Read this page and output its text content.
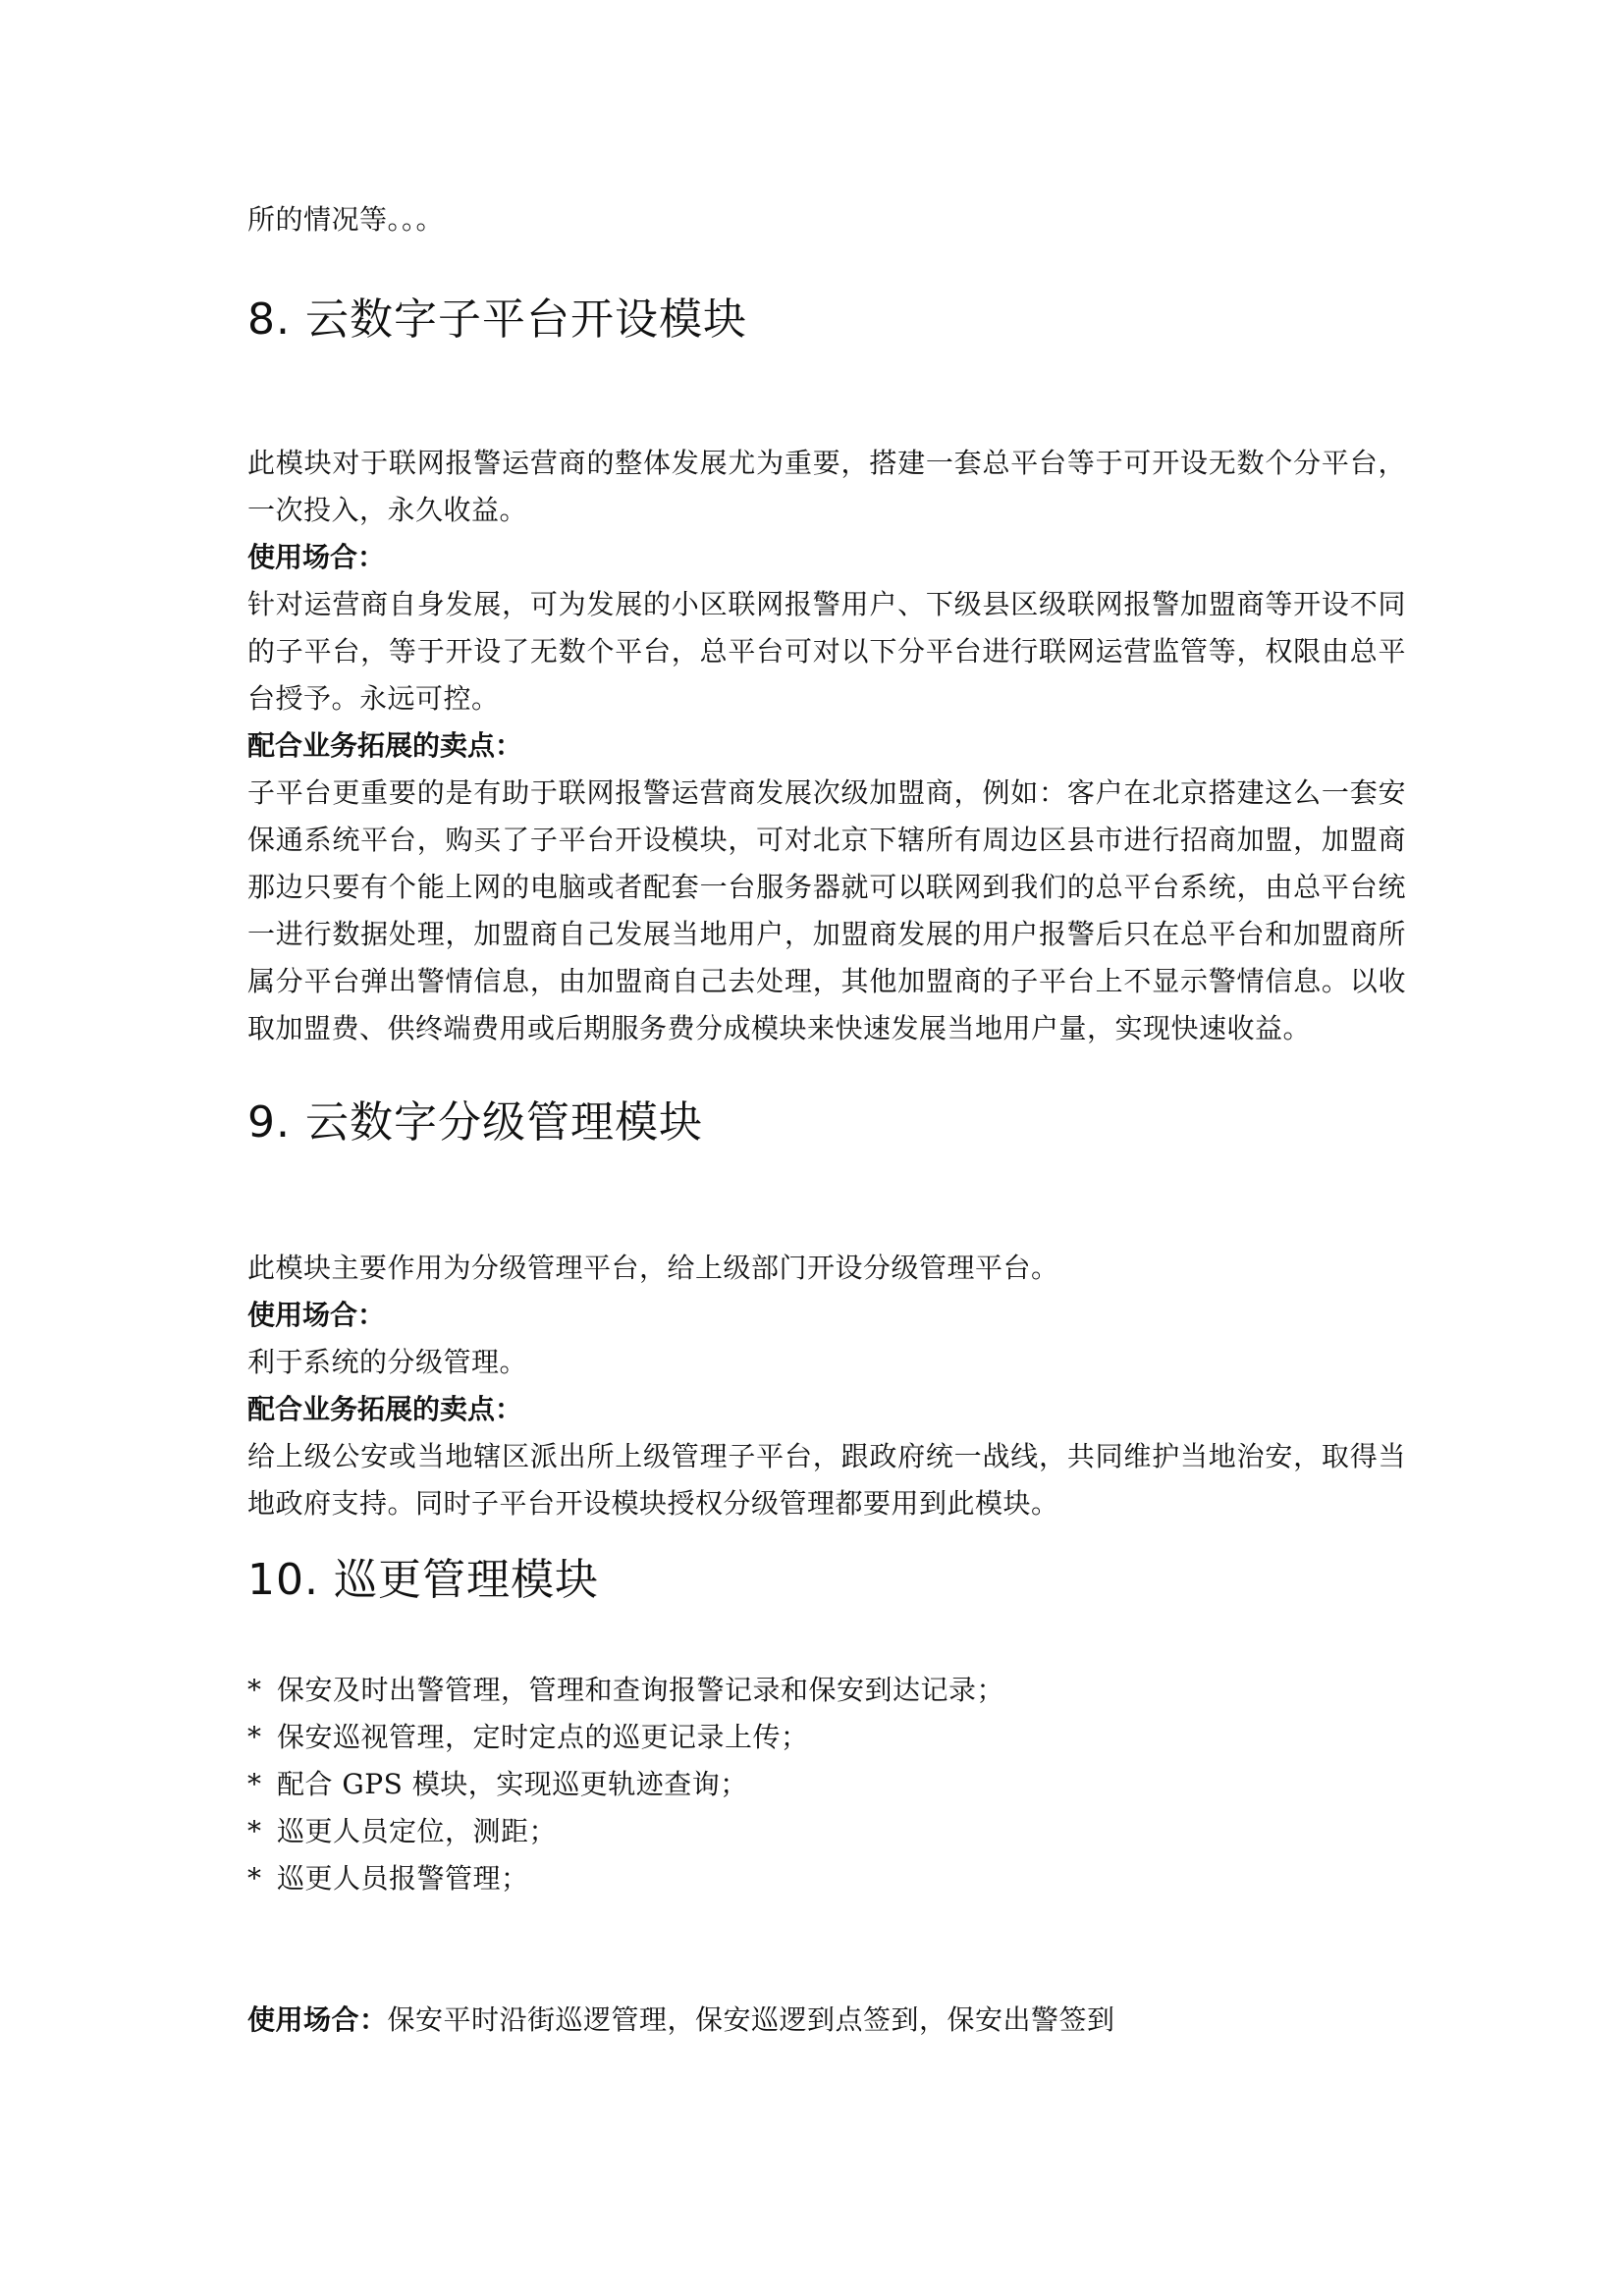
所的情况等。。。

8. 云数字子平台开设模块

此模块对于联网报警运营商的整体发展尤为重要，搭建一套总平台等于可开设无数个分平台，一次投入，永久收益。

使用场合：

针对运营商自身发展，可为发展的小区联网报警用户、下级县区级联网报警加盟商等开设不同的子平台，等于开设了无数个平台，总平台可对以下分平台进行联网运营监管等，权限由总平台授予。永远可控。

配合业务拓展的卖点：

子平台更重要的是有助于联网报警运营商发展次级加盟商，例如：客户在北京搭建这么一套安保通系统平台，购买了子平台开设模块，可对北京下辖所有周边区县市进行招商加盟，加盟商那边只要有个能上网的电脑或者配套一台服务器就可以联网到我们的总平台系统，由总平台统一进行数据处理，加盟商自己发展当地用户，加盟商发展的用户报警后只在总平台和加盟商所属分平台弹出警情信息，由加盟商自己去处理，其他加盟商的子平台上不显示警情信息。以收取加盟费、供终端费用或后期服务费分成模块来快速发展当地用户量，实现快速收益。

9. 云数字分级管理模块

此模块主要作用为分级管理平台，给上级部门开设分级管理平台。

使用场合：

利于系统的分级管理。

配合业务拓展的卖点：

给上级公安或当地辖区派出所上级管理子平台，跟政府统一战线，共同维护当地治安，取得当地政府支持。同时子平台开设模块授权分级管理都要用到此模块。

10. 巡更管理模块
* 保安及时出警管理，管理和查询报警记录和保安到达记录；
* 保安巡视管理，定时定点的巡更记录上传；
* 配合 GPS 模块，实现巡更轨迹查询；
* 巡更人员定位，测距；
* 巡更人员报警管理；

使用场合：保安平时沿街巡逻管理，保安巡逻到点签到，保安出警签到
